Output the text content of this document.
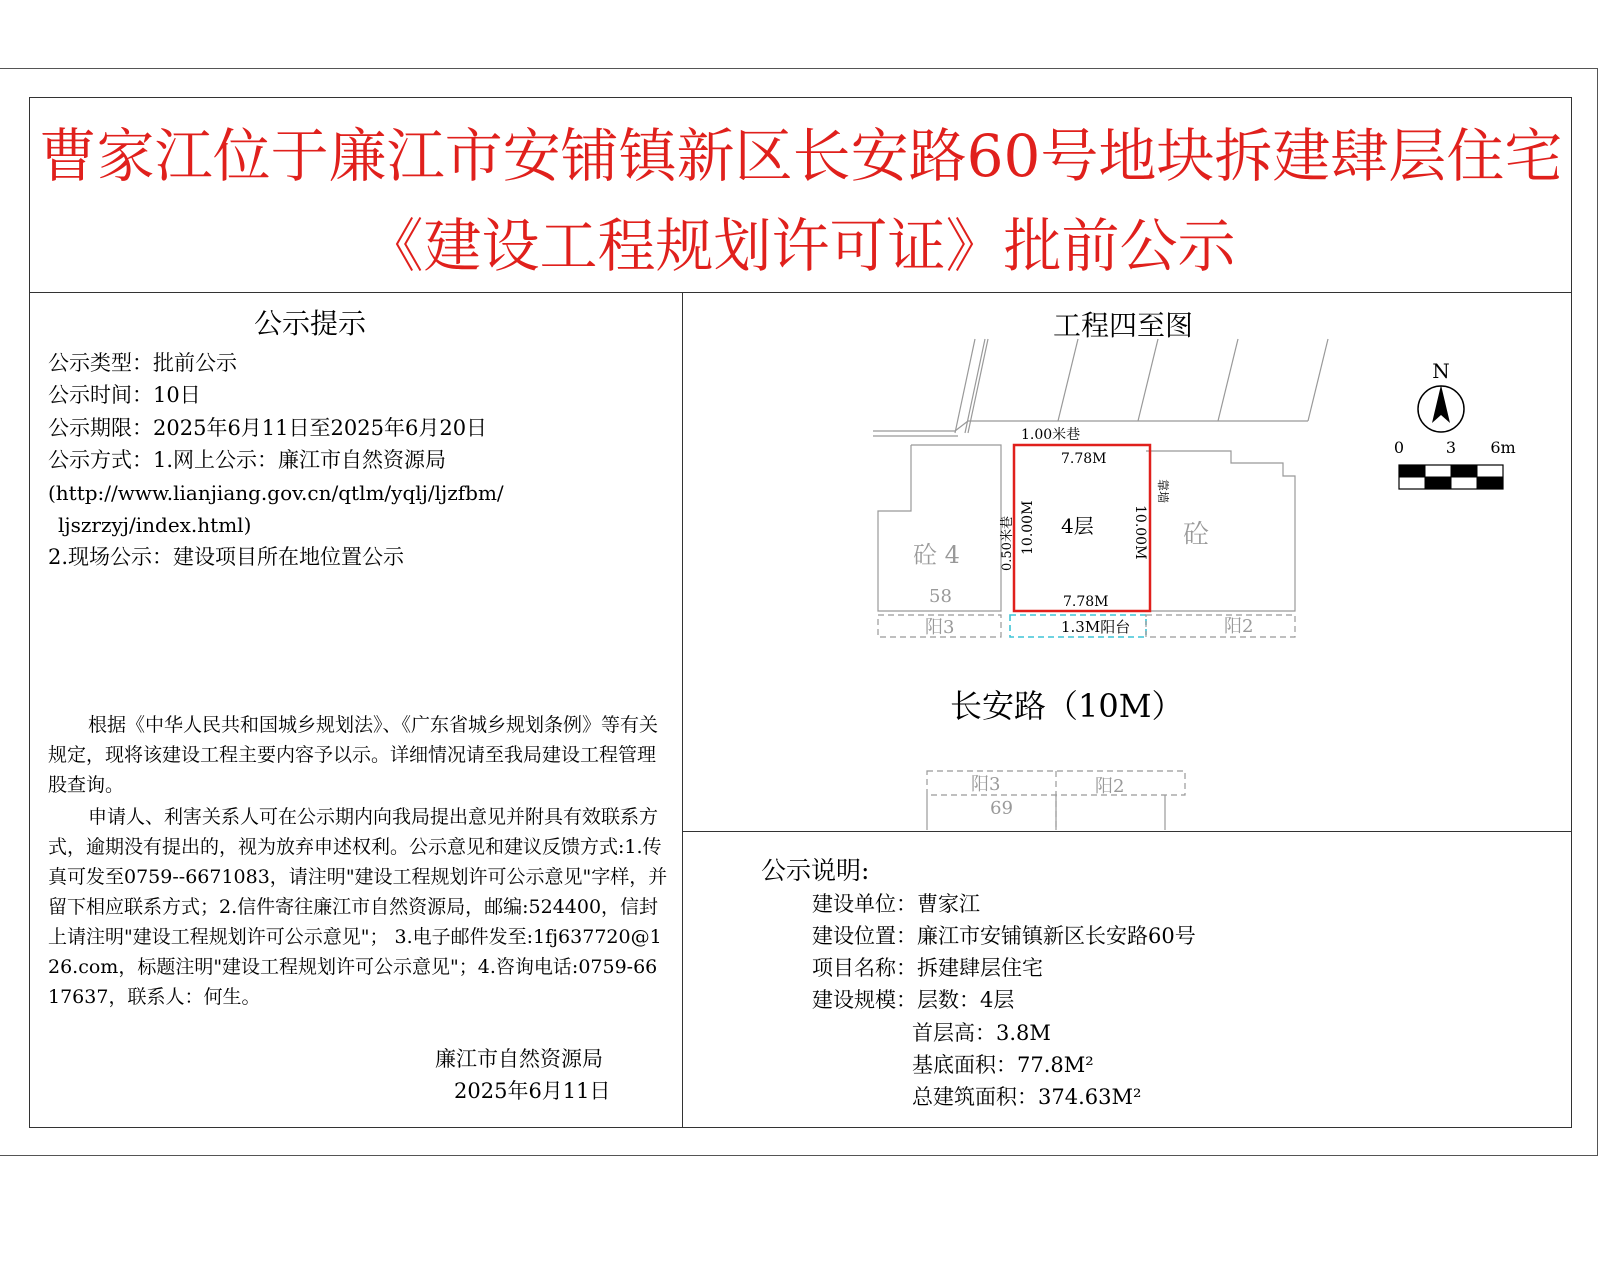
曹家江位于廉江市安铺镇新区长安路60号地块拆建肆层住宅
《建设工程规划许可证》批前公示
公示提示
公示类型：批前公示
公示时间：10日
公示期限：2025年6月11日至2025年6月20日
公示方式：1.网上公示：廉江市自然资源局
(http://www.lianjiang.gov.cn/qtlm/yqlj/ljzfbm/
ljszrzyj/index.html)
2.现场公示：建设项目所在地位置公示
根据《中华人民共和国城乡规划法》、《广东省城乡规划条例》等有关规定，现将该建设工程主要内容予以示。详细情况请至我局建设工程管理股查询。
申请人、利害关系人可在公示期内向我局提出意见并附具有效联系方式，逾期没有提出的，视为放弃申述权利。公示意见和建议反馈方式:1.传真可发至0759--6671083，请注明"建设工程规划许可公示意见"字样，并留下相应联系方式；2.信件寄往廉江市自然资源局，邮编:524400，信封上请注明"建设工程规划许可公示意见"； 3.电子邮件发至:1fj637720@126.com，标题注明"建设工程规划许可公示意见"；4.咨询电话:0759-6617637，联系人：何生。
廉江市自然资源局
2025年6月11日
工程四至图
1.00米巷
7.78M
7.78M
4层
10.00M	10.00M
0.50米巷
靠墙
砼 4
58
砼
阳3	1.3M阳台	阳2
长安路（10M）
阳3	阳2
69
N
0	3 6m
公示说明:
建设单位：曹家江
建设位置：廉江市安铺镇新区长安路60号
项目名称：拆建肆层住宅
建设规模：层数：4层
首层高：3.8M
基底面积：77.8M²
总建筑面积：374.63M²
